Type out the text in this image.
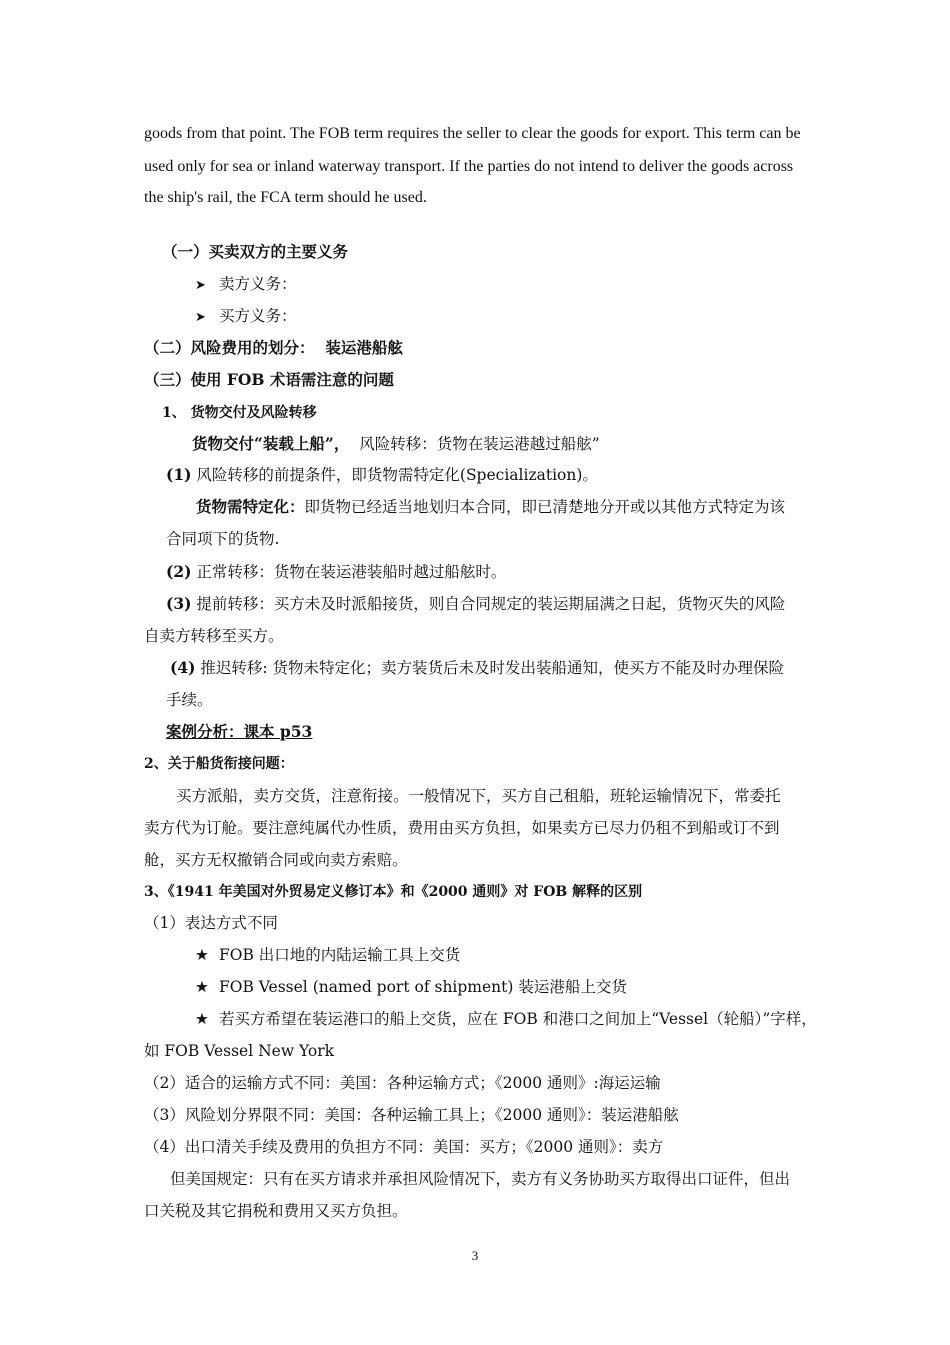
goods from that point. The FOB term requires the seller to clear the goods for export. This term can be
used only for sea or inland waterway transport. If the parties do not intend to deliver the goods across
the ship's rail, the FCA term should he used.
（一）买卖双方的主要义务
➤ 卖方义务：
➤ 买方义务：
（二）风险费用的划分： 装运港船舷
（三）使用 FOB 术语需注意的问题
1、 货物交付及风险转移
货物交付“装载上船”， 风险转移：货物在装运港越过船舷”
(1) 风险转移的前提条件，即货物需特定化(Specialization)。
货物需特定化：即货物已经适当地划归本合同，即已清楚地分开或以其他方式特定为该
合同项下的货物.
(2) 正常转移：货物在装运港装船时越过船舷时。
(3) 提前转移：买方未及时派船接货，则自合同规定的装运期届满之日起，货物灭失的风险
自卖方转移至买方。
(4) 推迟转移: 货物未特定化；卖方装货后未及时发出装船通知，使买方不能及时办理保险
手续。
案例分析：课本 p53
2、关于船货衔接问题：
买方派船，卖方交货，注意衔接。一般情况下，买方自己租船，班轮运输情况下，常委托
卖方代为订舱。要注意纯属代办性质，费用由买方负担，如果卖方已尽力仍租不到船或订不到
舱，买方无权撤销合同或向卖方索赔。
3、《1941 年美国对外贸易定义修订本》和《2000 通则》对 FOB 解释的区别
（1）表达方式不同
★ FOB 出口地的内陆运输工具上交货
★ FOB Vessel (named port of shipment) 装运港船上交货
★ 若买方希望在装运港口的船上交货，应在 FOB 和港口之间加上“Vessel（轮船）”字样，
如 FOB Vessel New York
（2）适合的运输方式不同：美国：各种运输方式；《2000 通则》:海运运输
（3）风险划分界限不同：美国：各种运输工具上；《2000 通则》：装运港船舷
（4）出口清关手续及费用的负担方不同：美国：买方；《2000 通则》：卖方
但美国规定：只有在买方请求并承担风险情况下，卖方有义务协助买方取得出口证件，但出
口关税及其它捐税和费用又买方负担。
3
